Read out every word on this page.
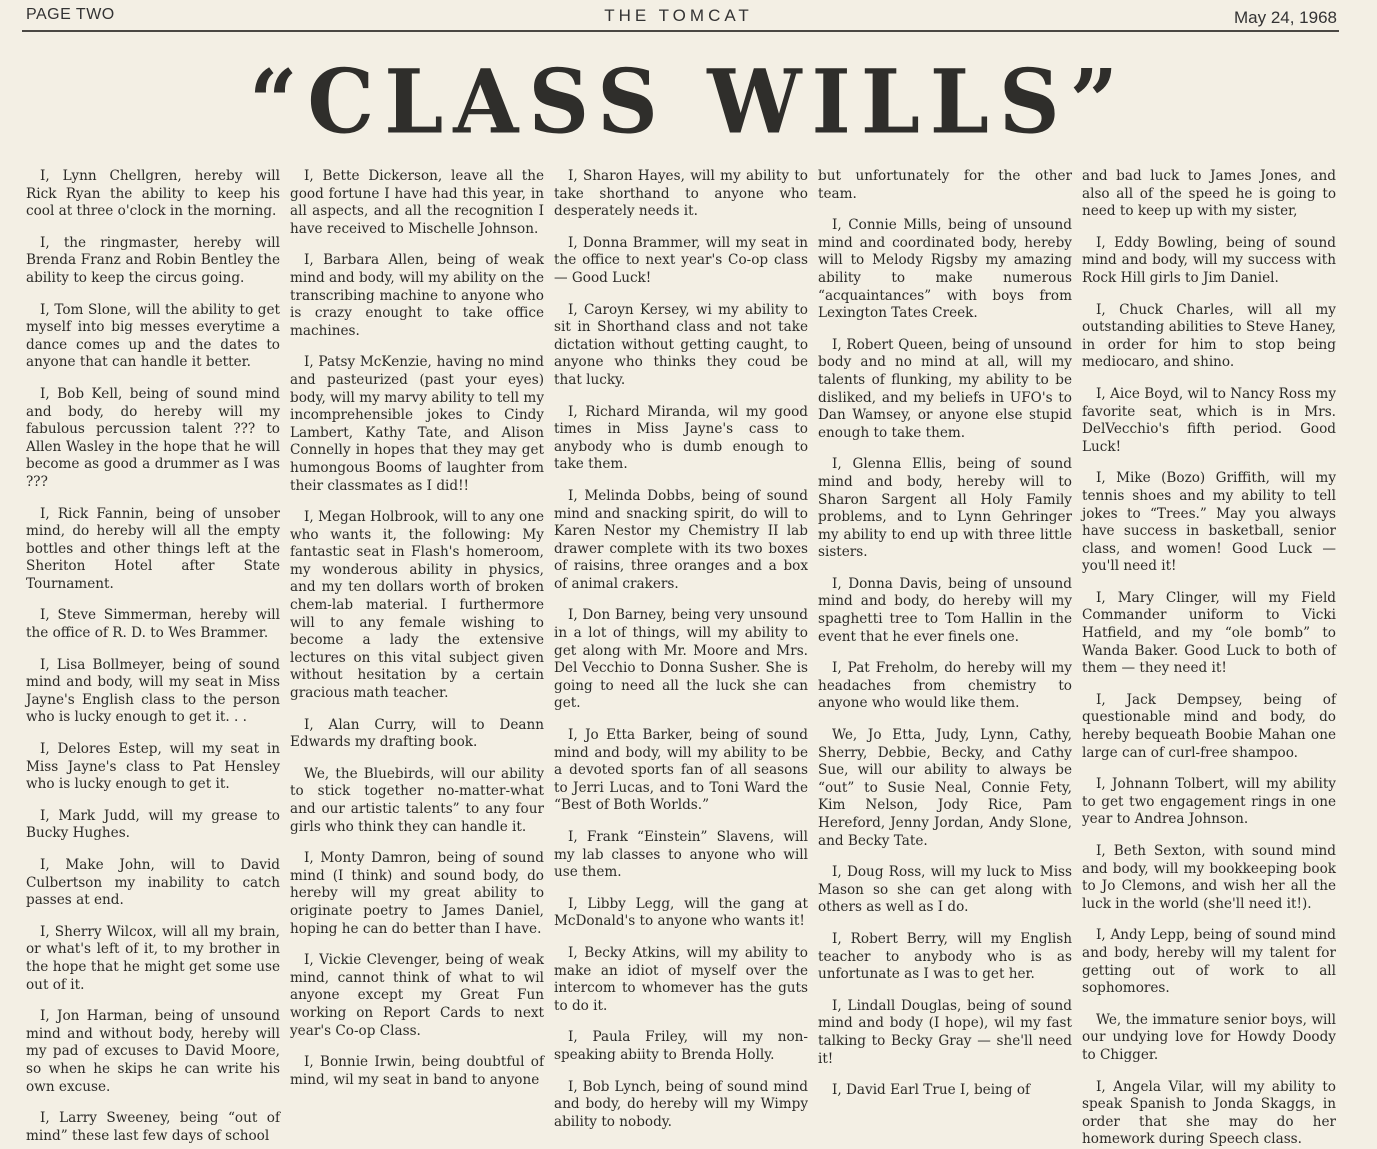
PAGE TWO	THE TOMCAT	May 24, 1968
“CLASS WILLS”

I, Lynn Chellgren, hereby will Rick Ryan the ability to keep his cool at three o'clock in the morning.

I, the ringmaster, hereby will Brenda Franz and Robin Bentley the ability to keep the circus going.

I, Tom Slone, will the ability to get myself into big messes everytime a dance comes up and the dates to anyone that can handle it better.

I, Bob Kell, being of sound mind and body, do hereby will my fabulous percussion talent ??? to Allen Wasley in the hope that he will become as good a drummer as I was ???

I, Rick Fannin, being of unsober mind, do hereby will all the empty bottles and other things left at the Sheriton Hotel after State Tournament.

I, Steve Simmerman, hereby will the office of R. D. to Wes Brammer.

I, Lisa Bollmeyer, being of sound mind and body, will my seat in Miss Jayne's English class to the person who is lucky enough to get it. . .

I, Delores Estep, will my seat in Miss Jayne's class to Pat Hensley who is lucky enough to get it.

I, Mark Judd, will my grease to Bucky Hughes.

I, Make John, will to David Culbertson my inability to catch passes at end.

I, Sherry Wilcox, will all my brain, or what's left of it, to my brother in the hope that he might get some use out of it.

I, Jon Harman, being of unsound mind and without body, hereby will my pad of excuses to David Moore, so when he skips he can write his own excuse.

I, Larry Sweeney, being “out of mind” these last few days of school

I, Bette Dickerson, leave all the good fortune I have had this year, in all aspects, and all the recognition I have received to Mischelle Johnson.

I, Barbara Allen, being of weak mind and body, will my ability on the transcribing machine to anyone who is crazy enought to take office machines.

I, Patsy McKenzie, having no mind and pasteurized (past your eyes) body, will my marvy ability to tell my incomprehensible jokes to Cindy Lambert, Kathy Tate, and Alison Connelly in hopes that they may get humongous Booms of laughter from their classmates as I did!!

I, Megan Holbrook, will to any one who wants it, the following: My fantastic seat in Flash's homeroom, my wonderous ability in physics, and my ten dollars worth of broken chem-lab material. I furthermore will to any female wishing to become a lady the extensive lectures on this vital subject given without hesitation by a certain gracious math teacher.

I, Alan Curry, will to Deann Edwards my drafting book.

We, the Bluebirds, will our ability to stick together no-matter-what and our artistic talents” to any four girls who think they can handle it.

I, Monty Damron, being of sound mind (I think) and sound body, do hereby will my great ability to originate poetry to James Daniel, hoping he can do better than I have.

I, Vickie Clevenger, being of weak mind, cannot think of what to wil anyone except my Great Fun working on Report Cards to next year's Co-op Class.

I, Bonnie Irwin, being doubtful of mind, wil my seat in band to anyone

I, Sharon Hayes, will my ability to take shorthand to anyone who desperately needs it.

I, Donna Brammer, will my seat in the office to next year's Co-op class — Good Luck!

I, Caroyn Kersey, wi my ability to sit in Shorthand class and not take dictation without getting caught, to anyone who thinks they coud be that lucky.

I, Richard Miranda, wil my good times in Miss Jayne's cass to anybody who is dumb enough to take them.

I, Melinda Dobbs, being of sound mind and snacking spirit, do will to Karen Nestor my Chemistry II lab drawer complete with its two boxes of raisins, three oranges and a box of animal crakers.

I, Don Barney, being very unsound in a lot of things, will my ability to get along with Mr. Moore and Mrs. Del Vecchio to Donna Susher. She is going to need all the luck she can get.

I, Jo Etta Barker, being of sound mind and body, will my ability to be a devoted sports fan of all seasons to Jerri Lucas, and to Toni Ward the “Best of Both Worlds.”

I, Frank “Einstein” Slavens, will my lab classes to anyone who will use them.

I, Libby Legg, will the gang at McDonald's to anyone who wants it!

I, Becky Atkins, will my ability to make an idiot of myself over the intercom to whomever has the guts to do it.

I, Paula Friley, will my non-speaking abiity to Brenda Holly.

I, Bob Lynch, being of sound mind and body, do hereby will my Wimpy ability to nobody.

but unfortunately for the other team.

I, Connie Mills, being of unsound mind and coordinated body, hereby will to Melody Rigsby my amazing ability to make numerous “acquaintances” with boys from Lexington Tates Creek.

I, Robert Queen, being of unsound body and no mind at all, will my talents of flunking, my ability to be disliked, and my beliefs in UFO's to Dan Wamsey, or anyone else stupid enough to take them.

I, Glenna Ellis, being of sound mind and body, hereby will to Sharon Sargent all Holy Family problems, and to Lynn Gehringer my ability to end up with three little sisters.

I, Donna Davis, being of unsound mind and body, do hereby will my spaghetti tree to Tom Hallin in the event that he ever finels one.

I, Pat Freholm, do hereby will my headaches from chemistry to anyone who would like them.

We, Jo Etta, Judy, Lynn, Cathy, Sherry, Debbie, Becky, and Cathy Sue, will our ability to always be “out” to Susie Neal, Connie Fety, Kim Nelson, Jody Rice, Pam Hereford, Jenny Jordan, Andy Slone, and Becky Tate.

I, Doug Ross, will my luck to Miss Mason so she can get along with others as well as I do.

I, Robert Berry, will my English teacher to anybody who is as unfortunate as I was to get her.

I, Lindall Douglas, being of sound mind and body (I hope), wil my fast talking to Becky Gray — she'll need it!

I, David Earl True I, being of

and bad luck to James Jones, and also all of the speed he is going to need to keep up with my sister,

I, Eddy Bowling, being of sound mind and body, will my success with Rock Hill girls to Jim Daniel.

I, Chuck Charles, will all my outstanding abilities to Steve Haney, in order for him to stop being mediocaro, and shino.

I, Aice Boyd, wil to Nancy Ross my favorite seat, which is in Mrs. DelVecchio's fifth period. Good Luck!

I, Mike (Bozo) Griffith, will my tennis shoes and my ability to tell jokes to “Trees.” May you always have success in basketball, senior class, and women! Good Luck — you'll need it!

I, Mary Clinger, will my Field Commander uniform to Vicki Hatfield, and my “ole bomb” to Wanda Baker. Good Luck to both of them — they need it!

I, Jack Dempsey, being of questionable mind and body, do hereby bequeath Boobie Mahan one large can of curl-free shampoo.

I, Johnann Tolbert, will my ability to get two engagement rings in one year to Andrea Johnson.

I, Beth Sexton, with sound mind and body, will my bookkeeping book to Jo Clemons, and wish her all the luck in the world (she'll need it!).

I, Andy Lepp, being of sound mind and body, hereby will my talent for getting out of work to all sophomores.

We, the immature senior boys, will our undying love for Howdy Doody to Chigger.

I, Angela Vilar, will my ability to speak Spanish to Jonda Skaggs, in order that she may do her homework during Speech class.
